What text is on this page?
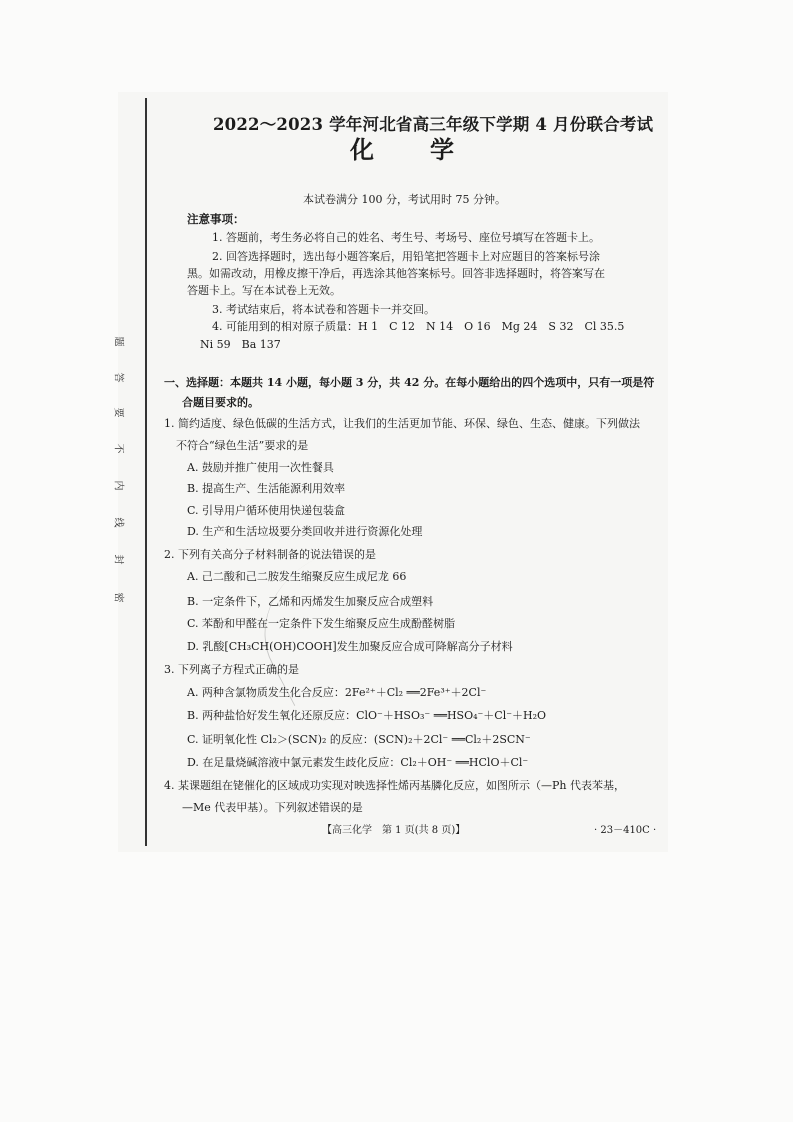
2022～2023 学年河北省高三年级下学期 4 月份联合考试
化 学
本试卷满分 100 分，考试用时 75 分钟。
注意事项：
1. 答题前，考生务必将自己的姓名、考生号、考场号、座位号填写在答题卡上。
2. 回答选择题时，选出每小题答案后，用铅笔把答题卡上对应题目的答案标号涂
黑。如需改动，用橡皮擦干净后，再选涂其他答案标号。回答非选择题时，将答案写在
答题卡上。写在本试卷上无效。
3. 考试结束后，将本试卷和答题卡一并交回。
4. 可能用到的相对原子质量：H 1　C 12　N 14　O 16　Mg 24　S 32　Cl 35.5
Ni 59　Ba 137
题
答
要
不
内
线
封
密
一、选择题：本题共 14 小题，每小题 3 分，共 42 分。在每小题给出的四个选项中，只有一项是符
合题目要求的。
1. 简约适度、绿色低碳的生活方式，让我们的生活更加节能、环保、绿色、生态、健康。下列做法
不符合“绿色生活”要求的是
A. 鼓励并推广使用一次性餐具
B. 提高生产、生活能源利用效率
C. 引导用户循环使用快递包装盒
D. 生产和生活垃圾要分类回收并进行资源化处理
2. 下列有关高分子材料制备的说法错误的是
A. 己二酸和己二胺发生缩聚反应生成尼龙 66
B. 一定条件下，乙烯和丙烯发生加聚反应合成塑料
C. 苯酚和甲醛在一定条件下发生缩聚反应生成酚醛树脂
D. 乳酸[CH₃CH(OH)COOH]发生加聚反应合成可降解高分子材料
3. 下列离子方程式正确的是
A. 两种含氯物质发生化合反应：2Fe²⁺＋Cl₂ ══2Fe³⁺＋2Cl⁻
B. 两种盐恰好发生氧化还原反应：ClO⁻＋HSO₃⁻ ══HSO₄⁻＋Cl⁻＋H₂O
C. 证明氧化性 Cl₂＞(SCN)₂ 的反应：(SCN)₂＋2Cl⁻ ══Cl₂＋2SCN⁻
D. 在足量烧碱溶液中氯元素发生歧化反应：Cl₂＋OH⁻ ══HClO＋Cl⁻
4. 某课题组在铑催化的区域成功实现对映选择性烯丙基膦化反应，如图所示（—Ph 代表苯基，
—Me 代表甲基）。下列叙述错误的是
【高三化学　第 1 页(共 8 页)】	· 23－410C ·
